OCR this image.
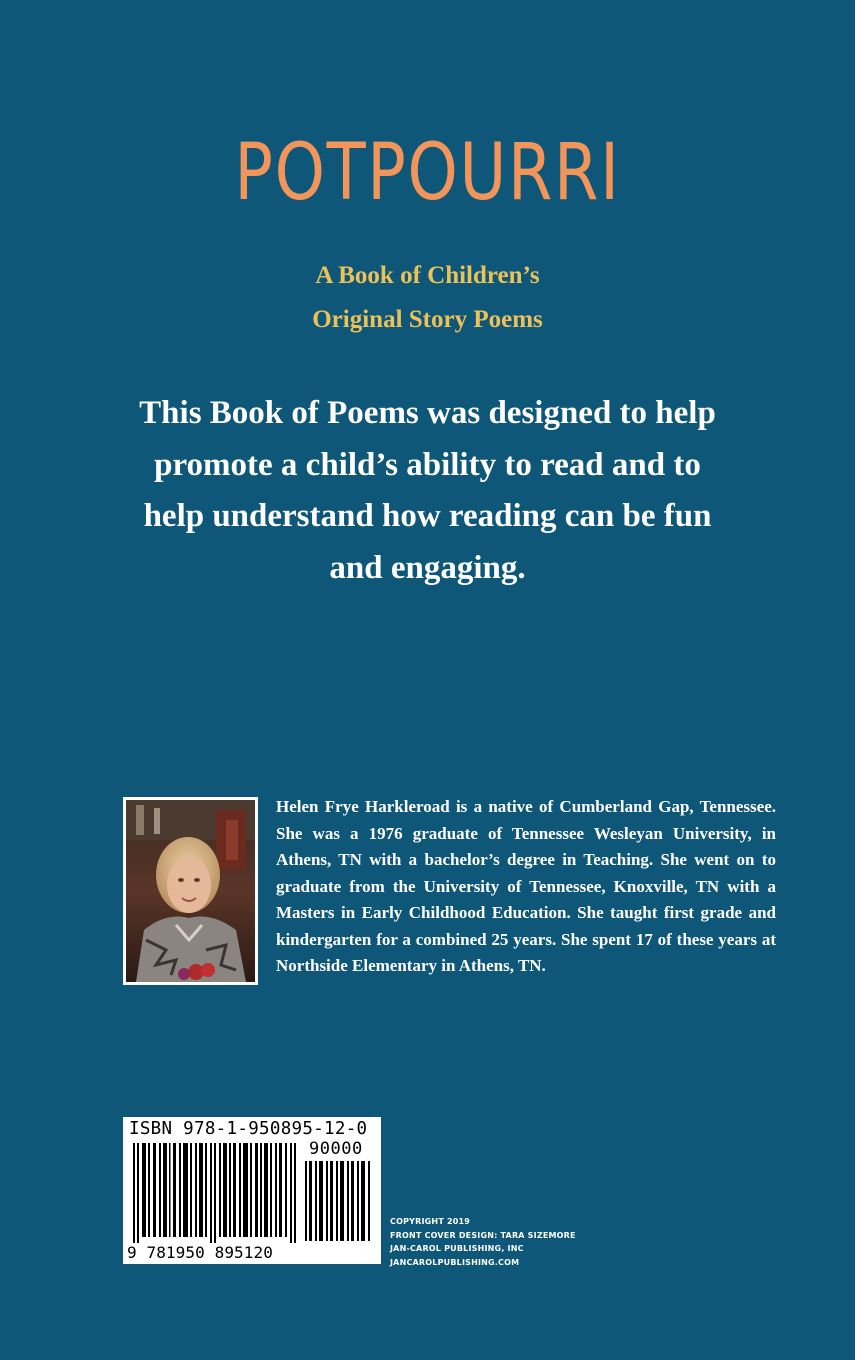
POTPOURRI
A Book of Children’s
Original Story Poems
This Book of Poems was designed to help promote a child’s ability to read and to help understand how reading can be fun and engaging.
Helen Frye Harkleroad is a native of Cumberland Gap, Tennessee. She was a 1976 graduate of Tennessee Wesleyan University, in Athens, TN with a bachelor’s degree in Teaching. She went on to graduate from the University of Tennessee, Knoxville, TN with a Masters in Early Childhood Education. She taught first grade and kindergarten for a combined 25 years. She spent 17 of these years at Northside Elementary in Athens, TN.
ISBN 978-1-950895-12-0
90000
9 781950 895120
COPYRIGHT 2019
FRONT COVER DESIGN: TARA SIZEMORE
JAN-CAROL PUBLISHING, INC
JANCAROLPUBLISHING.COM
